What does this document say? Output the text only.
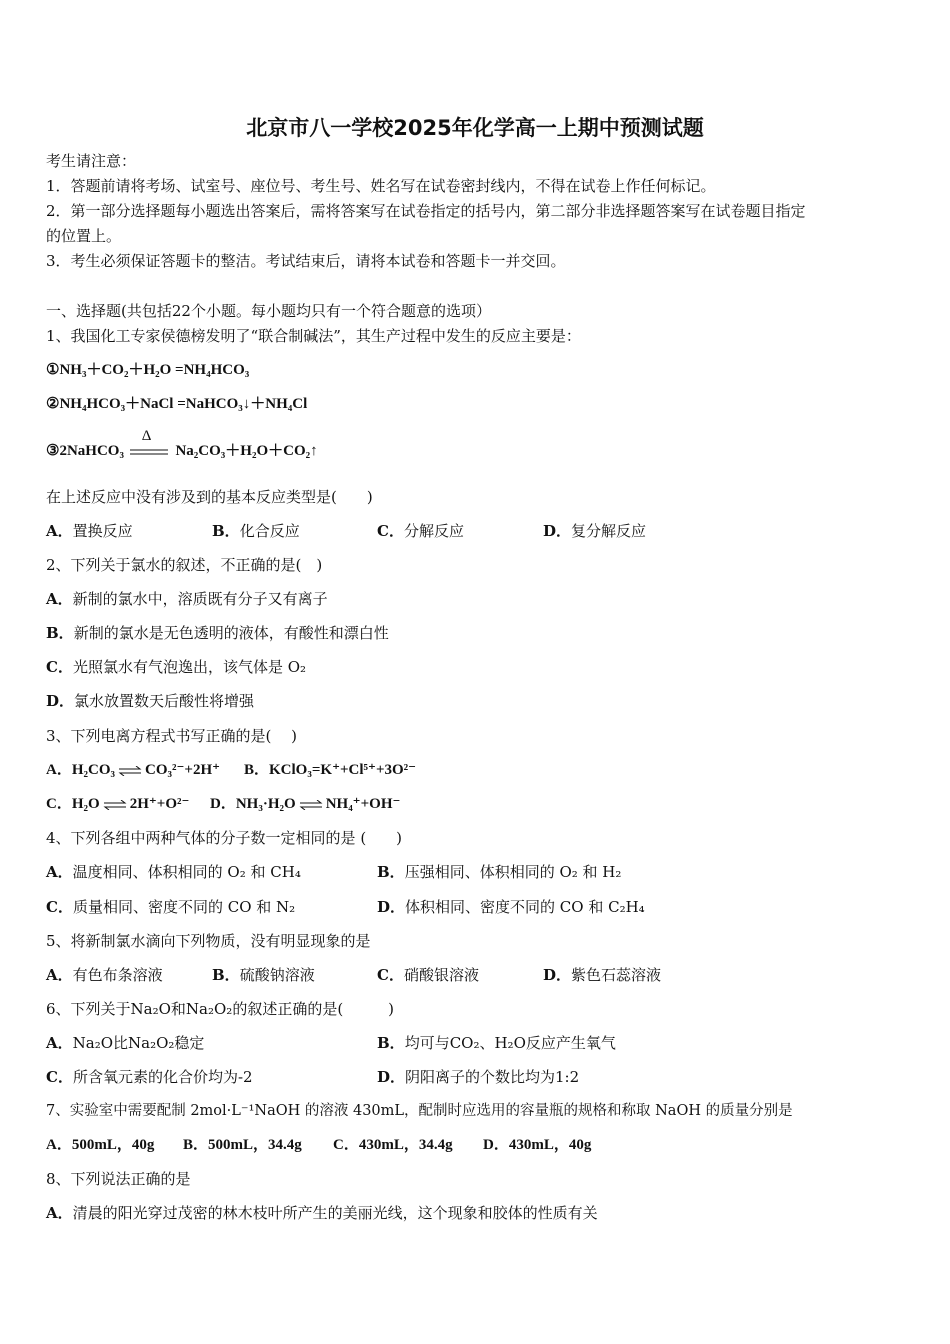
北京市八一学校2025年化学高一上期中预测试题
考生请注意：
1．答题前请将考场、试室号、座位号、考生号、姓名写在试卷密封线内，不得在试卷上作任何标记。
2．第一部分选择题每小题选出答案后，需将答案写在试卷指定的括号内，第二部分非选择题答案写在试卷题目指定
的位置上。
3．考生必须保证答题卡的整洁。考试结束后，请将本试卷和答题卡一并交回。
一、选择题(共包括22个小题。每小题均只有一个符合题意的选项）
1、我国化工专家侯德榜发明了“联合制碱法”，其生产过程中发生的反应主要是：
①NH₃＋CO₂＋H₂O =NH₄HCO₃
②NH₄HCO₃＋NaCl =NaHCO₃↓＋NH₄Cl
③2NaHCO₃
Δ
Na₂CO₃＋H₂O＋CO₂↑
在上述反应中没有涉及到的基本反应类型是(　　)
A．置换反应	B．化合反应	C．分解反应	D．复分解反应
2、下列关于氯水的叙述，不正确的是(　)
A．新制的氯水中，溶质既有分子又有离子
B．新制的氯水是无色透明的液体，有酸性和漂白性
C．光照氯水有气泡逸出，该气体是 O₂
D．氯水放置数天后酸性将增强
3、下列电离方程式书写正确的是(　 )
A．H₂CO₃ ⇌ CO₃²⁻+2H⁺ B．KClO₃=K⁺+Cl⁵⁺+3O²⁻
C．H₂O ⇌ 2H⁺+O²⁻ D．NH₃·H₂O ⇌ NH₄⁺+OH⁻
4、下列各组中两种气体的分子数一定相同的是 (　　)
A．温度相同、体积相同的 O₂ 和 CH₄	B．压强相同、体积相同的 O₂ 和 H₂
C．质量相同、密度不同的 CO 和 N₂	D．体积相同、密度不同的 CO 和 C₂H₄
5、将新制氯水滴向下列物质，没有明显现象的是
A．有色布条溶液	B．硫酸钠溶液	C．硝酸银溶液	D．紫色石蕊溶液
6、下列关于Na₂O和Na₂O₂的叙述正确的是(　　　)
A．Na₂O比Na₂O₂稳定	B．均可与CO₂、H₂O反应产生氧气
C．所含氧元素的化合价均为-2	D．阴阳离子的个数比均为1:2
7、实验室中需要配制 2mol·L⁻¹NaOH 的溶液 430mL，配制时应选用的容量瓶的规格和称取 NaOH 的质量分别是
A．500mL，40g B．500mL，34.4g C．430mL，34.4g D．430mL，40g
8、下列说法正确的是
A．清晨的阳光穿过茂密的林木枝叶所产生的美丽光线，这个现象和胶体的性质有关
